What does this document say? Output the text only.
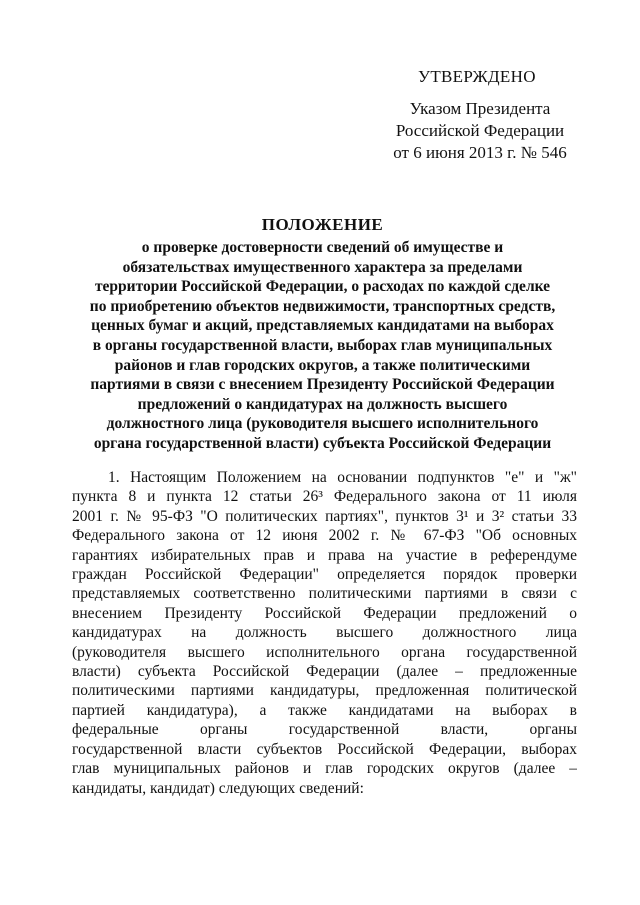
УТВЕРЖДЕНО
Указом Президента
Российской Федерации
от 6 июня 2013 г. № 546
ПОЛОЖЕНИЕ
о проверке достоверности сведений об имуществе и
обязательствах имущественного характера за пределами
территории Российской Федерации, о расходах по каждой сделке
по приобретению объектов недвижимости, транспортных средств,
ценных бумаг и акций, представляемых кандидатами на выборах
в органы государственной власти, выборах глав муниципальных
районов и глав городских округов, а также политическими
партиями в связи с внесением Президенту Российской Федерации
предложений о кандидатурах на должность высшего
должностного лица (руководителя высшего исполнительного
органа государственной власти) субъекта Российской Федерации
1. Настоящим Положением на основании подпунктов "е" и "ж"
пункта 8 и пункта 12 статьи 26³ Федерального закона от 11 июля
2001 г. № 95-ФЗ "О политических партиях", пунктов 3¹ и 3² статьи 33
Федерального закона от 12 июня 2002 г. № 67-ФЗ "Об основных
гарантиях избирательных прав и права на участие в референдуме
граждан Российской Федерации" определяется порядок проверки
представляемых соответственно политическими партиями в связи с
внесением Президенту Российской Федерации предложений о
кандидатурах на должность высшего должностного лица
(руководителя высшего исполнительного органа государственной
власти) субъекта Российской Федерации (далее – предложенные
политическими партиями кандидатуры, предложенная политической
партией кандидатура), а также кандидатами на выборах в
федеральные органы государственной власти, органы
государственной власти субъектов Российской Федерации, выборах
глав муниципальных районов и глав городских округов (далее –
кандидаты, кандидат) следующих сведений:
